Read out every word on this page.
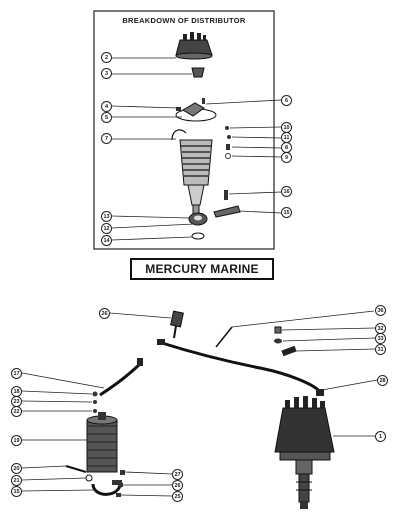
BREAKDOWN OF DISTRIBUTOR
MERCURY MARINE
2
3
4
5
6
7
10
11
8
9
16
13
12
14
15
26	36
32
33
31
17
28
18
23
22
19
1
20
21
15
27
26
25
